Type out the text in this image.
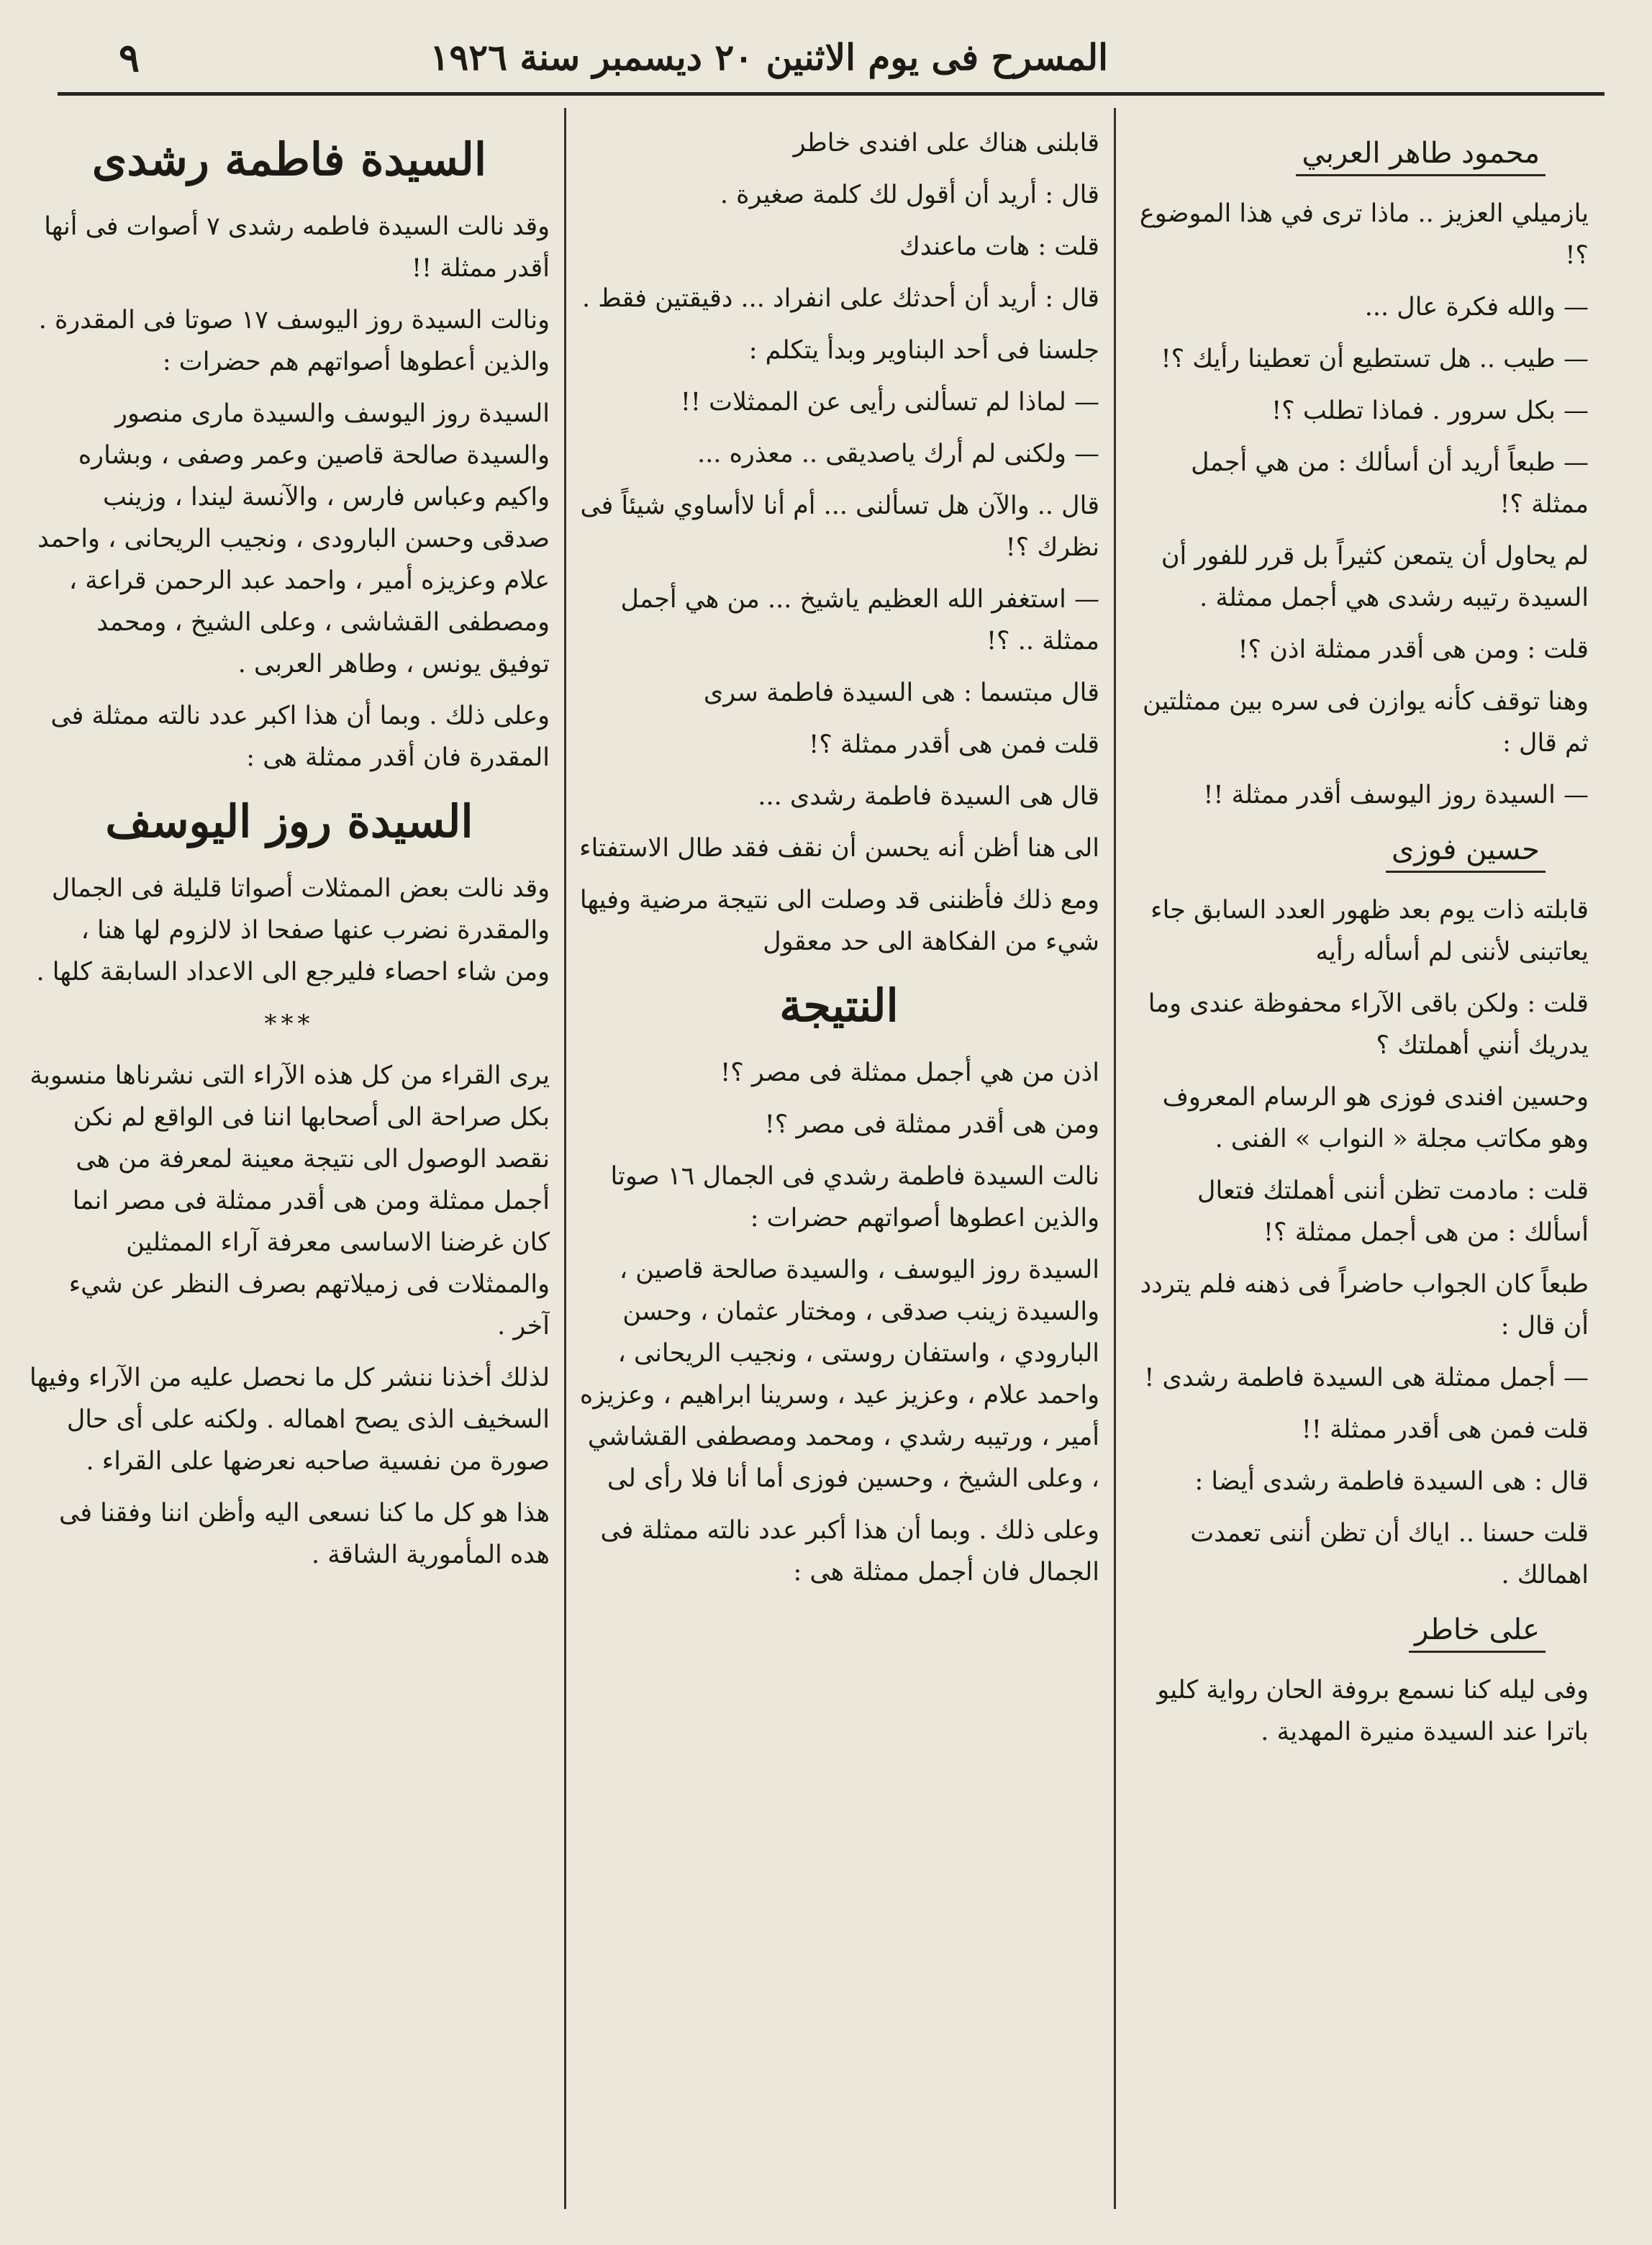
المسرح فى يوم الاثنين ٢٠ ديسمبر سنة ١٩٢٦
٩
محمود طاهر العربي

يازميلي العزيز .. ماذا ترى في هذا الموضوع ؟!

— والله فكرة عال ...

— طيب .. هل تستطيع أن تعطينا رأيك ؟!

— بكل سرور . فماذا تطلب ؟!

— طبعاً أريد أن أسألك : من هي أجمل ممثلة ؟!

لم يحاول أن يتمعن كثيراً بل قرر للفور أن السيدة رتيبه رشدى هي أجمل ممثلة .

قلت : ومن هى أقدر ممثلة اذن ؟!

وهنا توقف كأنه يوازن فى سره بين ممثلتين ثم قال :

— السيدة روز اليوسف أقدر ممثلة !!

حسين فوزى

قابلته ذات يوم بعد ظهور العدد السابق جاء يعاتبنى لأننى لم أسأله رأيه

قلت : ولكن باقى الآراء محفوظة عندى وما يدريك أنني أهملتك ؟

وحسين افندى فوزى هو الرسام المعروف وهو مكاتب مجلة « النواب » الفنى .

قلت : مادمت تظن أننى أهملتك فتعال أسألك : من هى أجمل ممثلة ؟!

طبعاً كان الجواب حاضراً فى ذهنه فلم يتردد أن قال :

— أجمل ممثلة هى السيدة فاطمة رشدى !

قلت فمن هى أقدر ممثلة !!

قال : هى السيدة فاطمة رشدى أيضا :

قلت حسنا .. اياك أن تظن أننى تعمدت اهمالك .

على خاطر

وفى ليله كنا نسمع بروفة الحان رواية كليو باترا عند السيدة منيرة المهدية .

قابلنى هناك على افندى خاطر

قال : أريد أن أقول لك كلمة صغيرة .

قلت : هات ماعندك

قال : أريد أن أحدثك على انفراد ... دقيقتين فقط .

جلسنا فى أحد البناوير وبدأ يتكلم :

— لماذا لم تسألنى رأيى عن الممثلات !!

— ولكنى لم أرك ياصديقى .. معذره ...

قال .. والآن هل تسألنى ... أم أنا لاأساوي شيئاً فى نظرك ؟!

— استغفر الله العظيم ياشيخ ... من هي أجمل ممثلة .. ؟!

قال مبتسما : هى السيدة فاطمة سرى

قلت فمن هى أقدر ممثلة ؟!

قال هى السيدة فاطمة رشدى ...

الى هنا أظن أنه يحسن أن نقف فقد طال الاستفتاء

ومع ذلك فأظننى قد وصلت الى نتيجة مرضية وفيها شيء من الفكاهة الى حد معقول

النتيجة

اذن من هي أجمل ممثلة فى مصر ؟!

ومن هى أقدر ممثلة فى مصر ؟!

نالت السيدة فاطمة رشدي فى الجمال ١٦ صوتا والذين اعطوها أصواتهم حضرات :

السيدة روز اليوسف ، والسيدة صالحة قاصين ، والسيدة زينب صدقى ، ومختار عثمان ، وحسن البارودي ، واستفان روستى ، ونجيب الريحانى ، واحمد علام ، وعزيز عيد ، وسرينا ابراهيم ، وعزيزه أمير ، ورتيبه رشدي ، ومحمد ومصطفى القشاشي ، وعلى الشيخ ، وحسين فوزى أما أنا فلا رأى لى

وعلى ذلك . وبما أن هذا أكبر عدد نالته ممثلة فى الجمال فان أجمل ممثلة هى :

السيدة فاطمة رشدى

وقد نالت السيدة فاطمه رشدى ٧ أصوات فى أنها أقدر ممثلة !!

ونالت السيدة روز اليوسف ١٧ صوتا فى المقدرة . والذين أعطوها أصواتهم هم حضرات :

السيدة روز اليوسف والسيدة مارى منصور والسيدة صالحة قاصين وعمر وصفى ، وبشاره واكيم وعباس فارس ، والآنسة ليندا ، وزينب صدقى وحسن البارودى ، ونجيب الريحانى ، واحمد علام وعزيزه أمير ، واحمد عبد الرحمن قراعة ، ومصطفى القشاشى ، وعلى الشيخ ، ومحمد توفيق يونس ، وطاهر العربى .

وعلى ذلك . وبما أن هذا اكبر عدد نالته ممثلة فى المقدرة فان أقدر ممثلة هى :

السيدة روز اليوسف

وقد نالت بعض الممثلات أصواتا قليلة فى الجمال والمقدرة نضرب عنها صفحا اذ لالزوم لها هنا ، ومن شاء احصاء فليرجع الى الاعداد السابقة كلها .

***

يرى القراء من كل هذه الآراء التى نشرناها منسوبة بكل صراحة الى أصحابها اننا فى الواقع لم نكن نقصد الوصول الى نتيجة معينة لمعرفة من هى أجمل ممثلة ومن هى أقدر ممثلة فى مصر انما كان غرضنا الاساسى معرفة آراء الممثلين والممثلات فى زميلاتهم بصرف النظر عن شيء آخر .

لذلك أخذنا ننشر كل ما نحصل عليه من الآراء وفيها السخيف الذى يصح اهماله . ولكنه على أى حال صورة من نفسية صاحبه نعرضها على القراء .

هذا هو كل ما كنا نسعى اليه وأظن اننا وفقنا فى هده المأمورية الشاقة .
